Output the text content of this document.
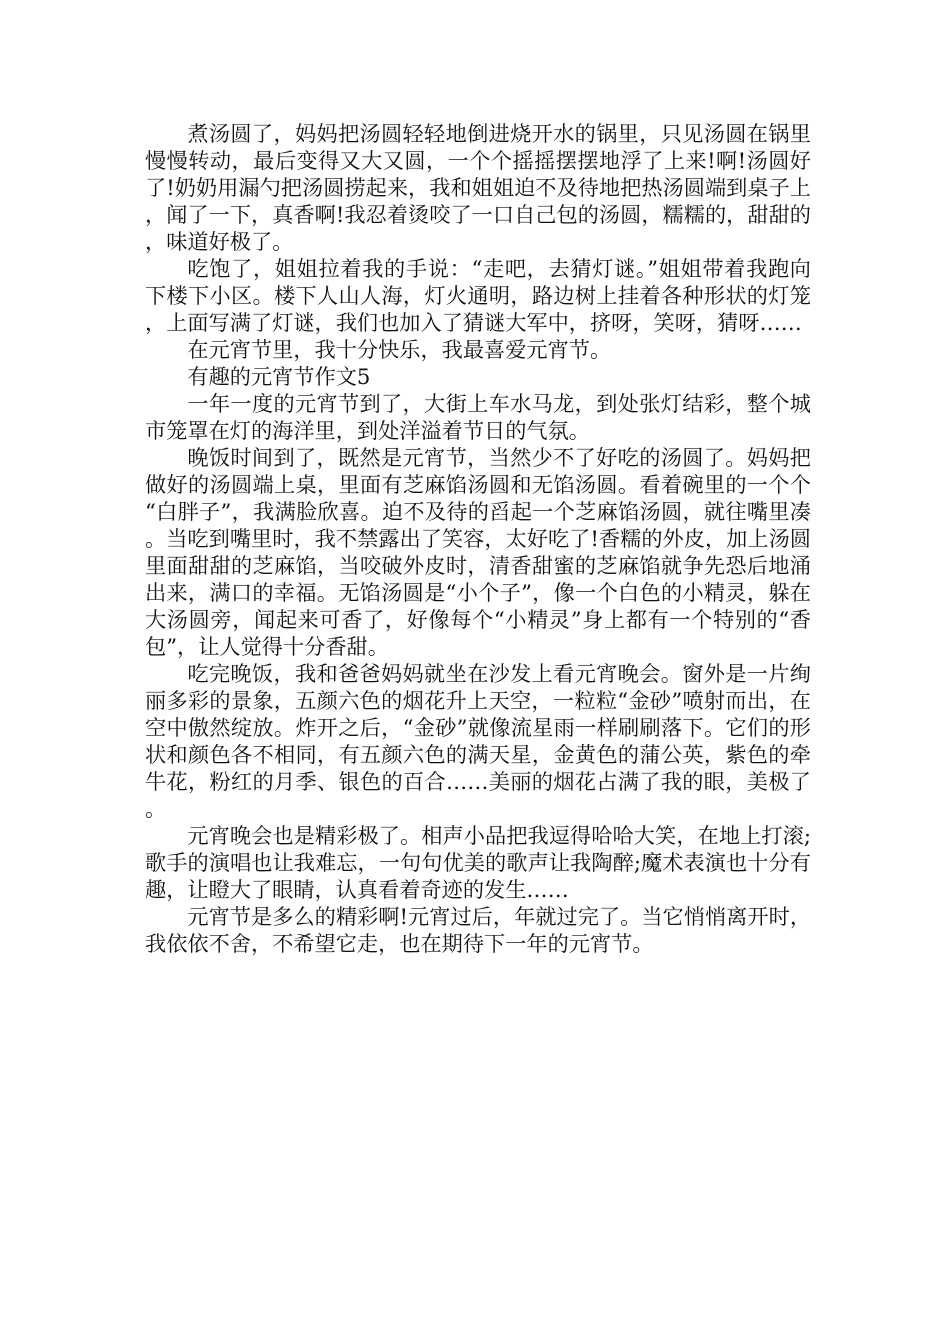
煮汤圆了，妈妈把汤圆轻轻地倒进烧开水的锅里，只见汤圆在锅里慢慢转动，最后变得又大又圆，一个个摇摇摆摆地浮了上来!啊!汤圆好了!奶奶用漏勺把汤圆捞起来，我和姐姐迫不及待地把热汤圆端到桌子上，闻了一下，真香啊!我忍着烫咬了一口自己包的汤圆，糯糯的，甜甜的，味道好极了。

吃饱了，姐姐拉着我的手说：“走吧，去猜灯谜。”姐姐带着我跑向下楼下小区。楼下人山人海，灯火通明，路边树上挂着各种形状的灯笼，上面写满了灯谜，我们也加入了猜谜大军中，挤呀，笑呀，猜呀……

在元宵节里，我十分快乐，我最喜爱元宵节。

有趣的元宵节作文5

一年一度的元宵节到了，大街上车水马龙，到处张灯结彩，整个城市笼罩在灯的海洋里，到处洋溢着节日的气氛。

晚饭时间到了，既然是元宵节，当然少不了好吃的汤圆了。妈妈把做好的汤圆端上桌，里面有芝麻馅汤圆和无馅汤圆。看着碗里的一个个“白胖子”，我满脸欣喜。迫不及待的舀起一个芝麻馅汤圆，就往嘴里凑。当吃到嘴里时，我不禁露出了笑容，太好吃了!香糯的外皮，加上汤圆里面甜甜的芝麻馅，当咬破外皮时，清香甜蜜的芝麻馅就争先恐后地涌出来，满口的幸福。无馅汤圆是“小个子”，像一个白色的小精灵，躲在大汤圆旁，闻起来可香了，好像每个“小精灵”身上都有一个特别的“香包”，让人觉得十分香甜。

吃完晚饭，我和爸爸妈妈就坐在沙发上看元宵晚会。窗外是一片绚丽多彩的景象，五颜六色的烟花升上天空，一粒粒“金砂”喷射而出，在空中傲然绽放。炸开之后，“金砂”就像流星雨一样刷刷落下。它们的形状和颜色各不相同，有五颜六色的满天星，金黄色的蒲公英，紫色的牵牛花，粉红的月季、银色的百合……美丽的烟花占满了我的眼，美极了。

元宵晚会也是精彩极了。相声小品把我逗得哈哈大笑，在地上打滚;歌手的演唱也让我难忘，一句句优美的歌声让我陶醉;魔术表演也十分有趣，让瞪大了眼睛，认真看着奇迹的发生……

元宵节是多么的精彩啊!元宵过后，年就过完了。当它悄悄离开时，我依依不舍，不希望它走，也在期待下一年的元宵节。
